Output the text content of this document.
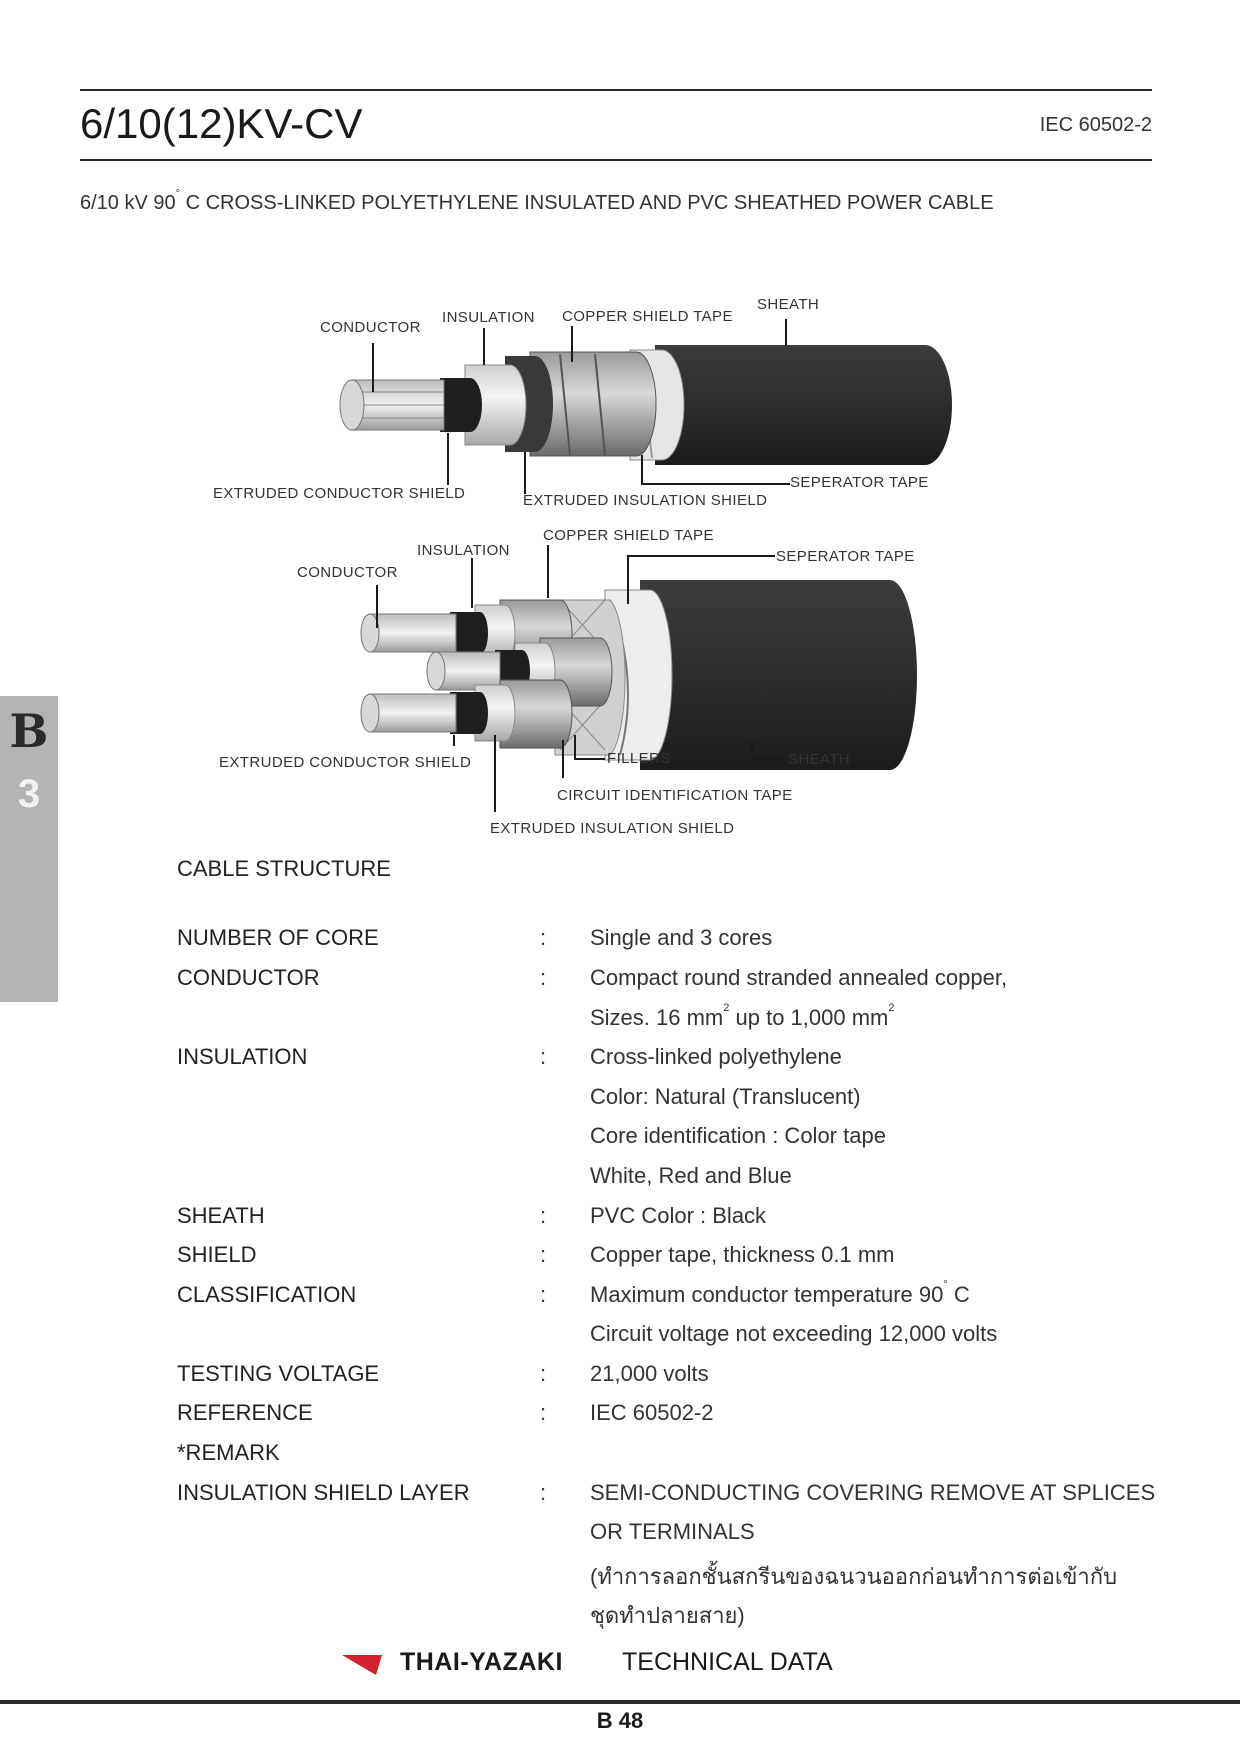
6/10(12)KV-CV	IEC 60502-2
6/10 kV 90° C CROSS-LINKED POLYETHYLENE INSULATED AND PVC SHEATHED POWER CABLE
CONDUCTOR
INSULATION COPPER SHIELD TAPE
SHEATH
EXTRUDED CONDUCTOR SHIELD	EXTRUDED INSULATION SHIELD
SEPERATOR TAPE
INSULATION
COPPER SHIELD TAPE
SEPERATOR TAPE
CONDUCTOR
EXTRUDED CONDUCTOR SHIELD	FILLERS	SHEATH
CIRCUIT IDENTIFICATION TAPE
EXTRUDED INSULATION SHIELD
B
3
CABLE STRUCTURE
NUMBER OF CORE	: Single and 3 cores
CONDUCTOR	: Compact round stranded annealed copper,
Sizes. 16 $mm^2$ up to 1,000 $mm^2$
INSULATION	: Cross-linked polyethylene
Color: Natural (Translucent)
Core identification : Color tape
White, Red and Blue
SHEATH	: PVC Color : Black
SHIELD	: Copper tape, thickness 0.1 mm
CLASSIFICATION	: Maximum conductor temperature 90° C
Circuit voltage not exceeding 12,000 volts
TESTING VOLTAGE	: 21,000 volts
REFERENCE	: IEC 60502-2
*REMARK
INSULATION SHIELD LAYER	: SEMI-CONDUCTING COVERING REMOVE AT SPLICES
OR TERMINALS
(ทำการลอกชั้นสกรีนของฉนวนออกก่อนทำการต่อเข้ากับ
ชุดทำปลายสาย)
THAI-YAZAKI TECHNICAL DATA
B 48
